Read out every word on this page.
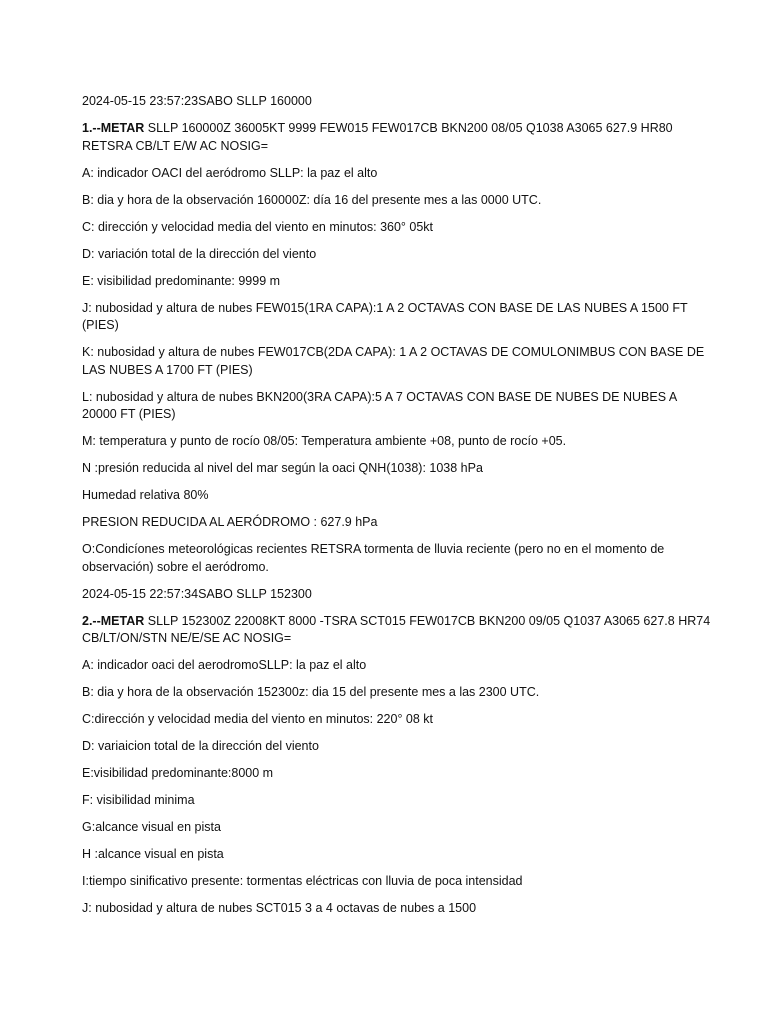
2024-05-15 23:57:23SABO SLLP 160000

1.--METAR SLLP 160000Z 36005KT 9999 FEW015 FEW017CB BKN200 08/05 Q1038 A3065 627.9 HR80 RETSRA CB/LT E/W AC NOSIG=

A: indicador OACI del aeródromo SLLP: la paz el alto

B: dia y hora de la observación 160000Z: día 16 del presente mes a las 0000 UTC.

C: dirección y velocidad media del viento en minutos: 360° 05kt

D: variación total de la dirección del viento

E: visibilidad predominante: 9999 m

J: nubosidad y altura de nubes FEW015(1RA CAPA):1 A 2 OCTAVAS CON BASE DE LAS NUBES A 1500 FT (PIES)

K: nubosidad y altura de nubes FEW017CB(2DA CAPA): 1 A 2 OCTAVAS DE COMULONIMBUS CON BASE DE LAS NUBES A 1700 FT (PIES)

L: nubosidad y altura de nubes BKN200(3RA CAPA):5 A 7 OCTAVAS CON BASE DE NUBES DE NUBES A 20000 FT (PIES)

M: temperatura y punto de rocío 08/05: Temperatura ambiente +08, punto de rocío +05.

N :presión reducida al nivel del mar según la oaci QNH(1038): 1038 hPa

Humedad relativa 80%

PRESION REDUCIDA AL AERÓDROMO : 627.9 hPa

O:Condicíones meteorológicas recientes RETSRA tormenta de lluvia reciente (pero no en el momento de observación) sobre el aeródromo.

2024-05-15 22:57:34SABO SLLP 152300

2.--METAR SLLP 152300Z 22008KT 8000 -TSRA SCT015 FEW017CB BKN200 09/05 Q1037 A3065 627.8 HR74 CB/LT/ON/STN NE/E/SE AC NOSIG=

A: indicador oaci del aerodromoSLLP: la paz el alto

B: dia y hora de la observación 152300z: dia 15 del presente mes a las 2300 UTC.

C:dirección y velocidad media del viento en minutos: 220° 08 kt

D: variaicion total de la dirección del viento

E:visibilidad predominante:8000 m

F: visibilidad minima

G:alcance visual en pista

H :alcance visual en pista

I:tiempo sinificativo presente: tormentas eléctricas con lluvia de poca intensidad

J: nubosidad y altura de nubes SCT015 3 a 4 octavas de nubes a 1500
